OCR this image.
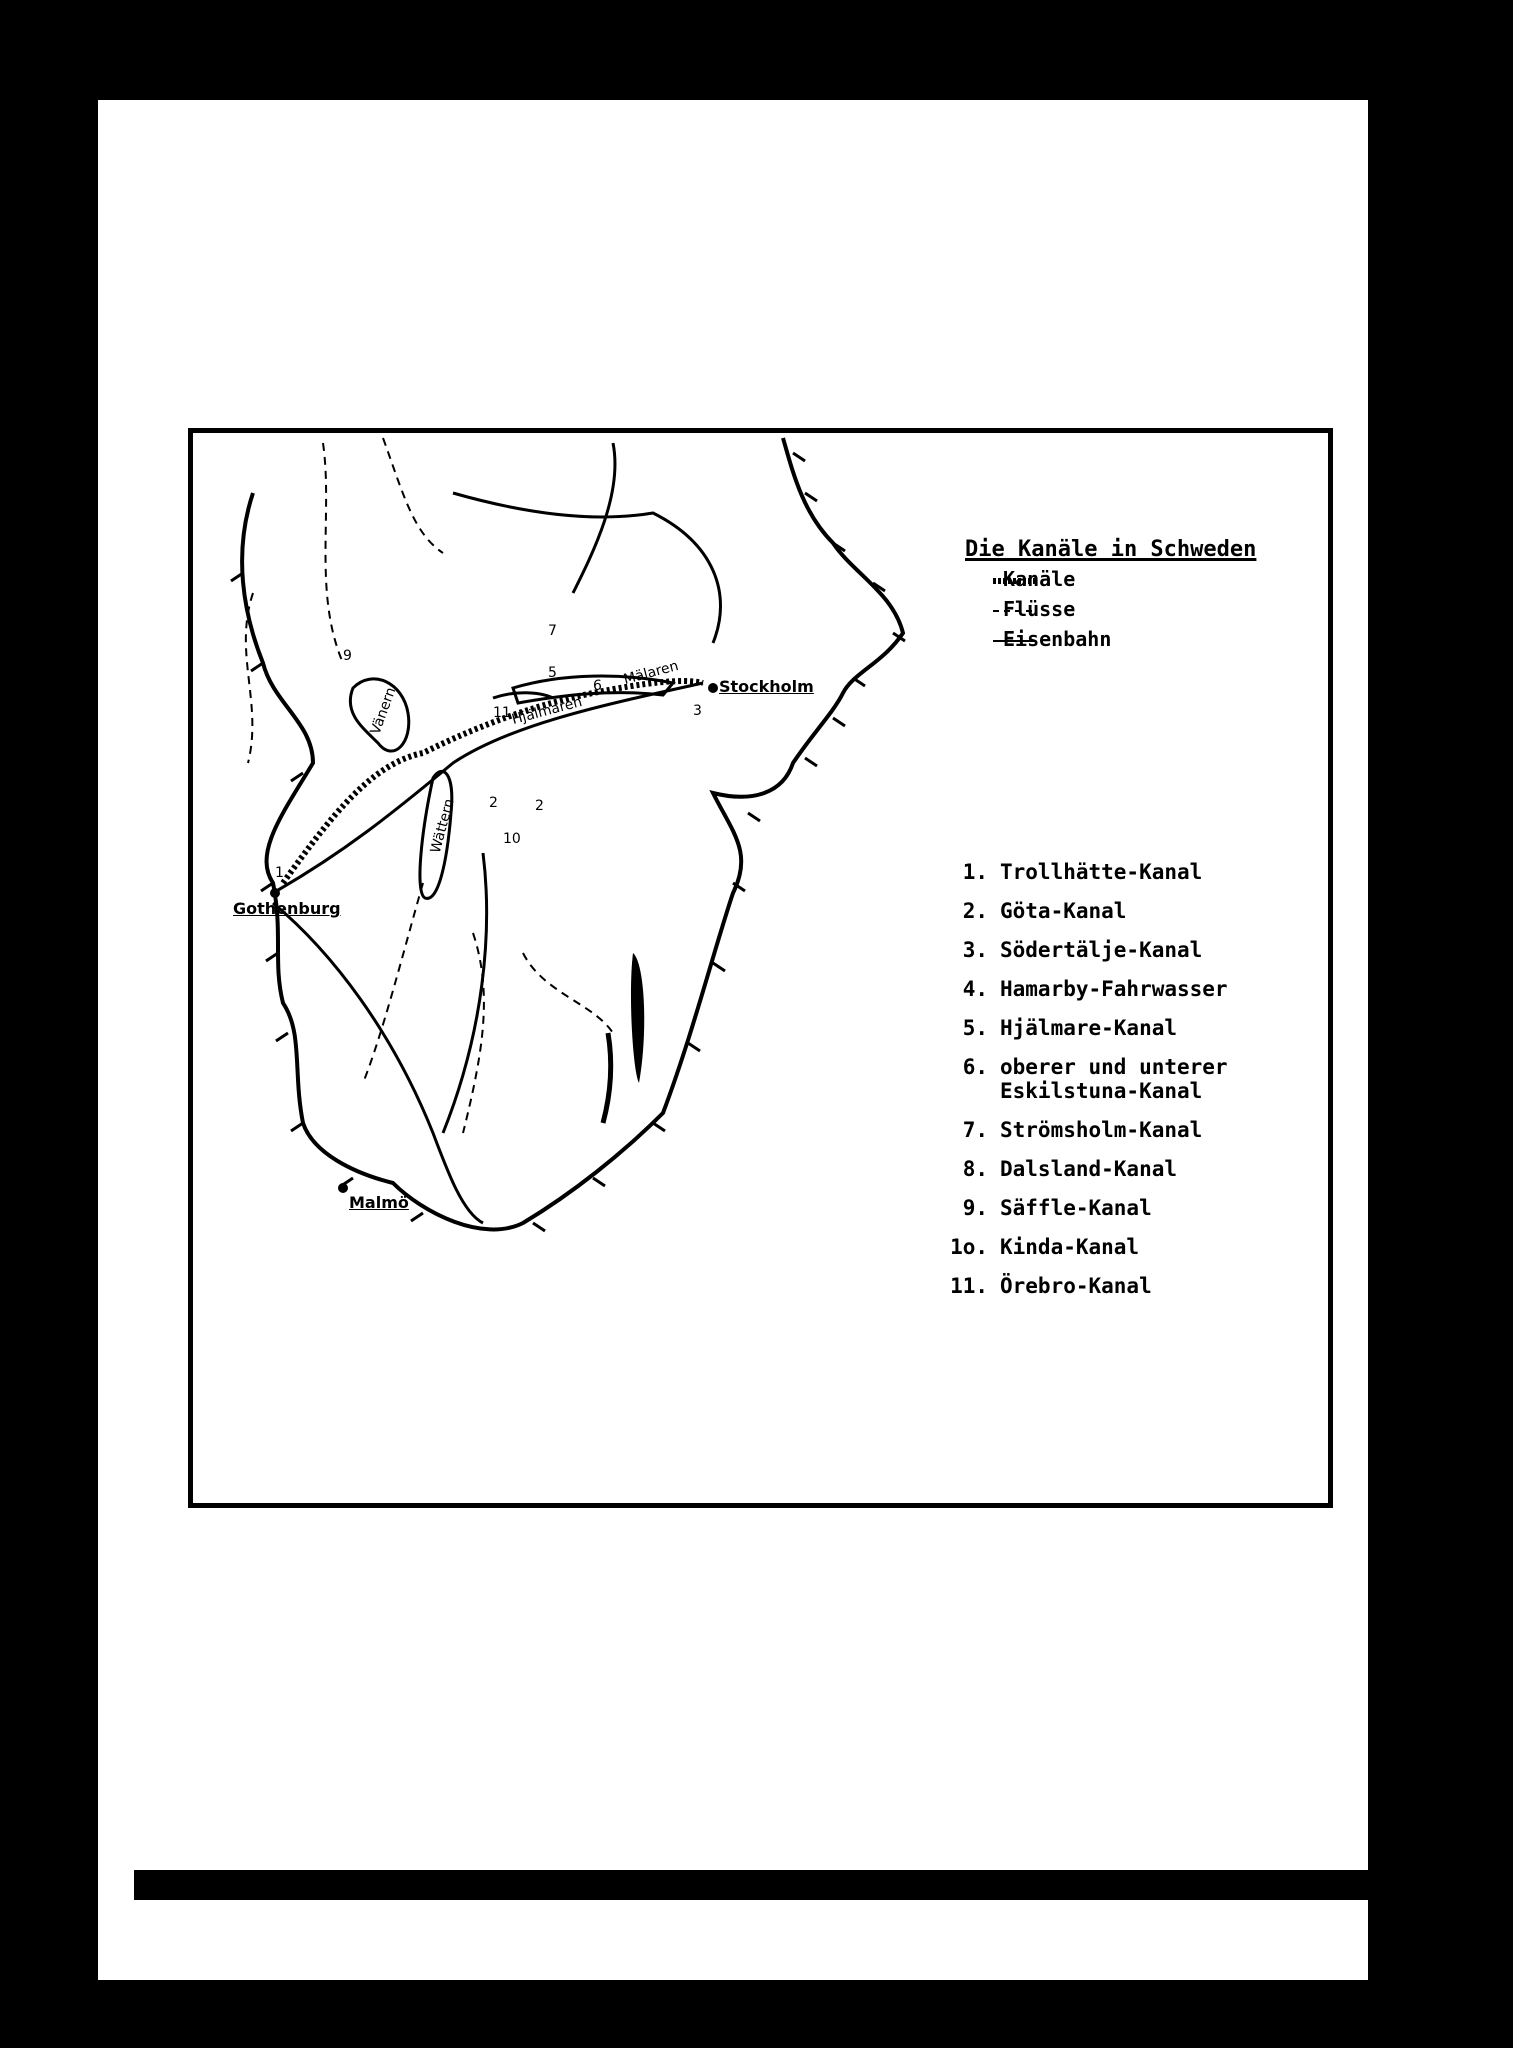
Die Kanäle in Schweden
Kanäle
Flüsse
Eisenbahn
Stockholm
Gothenburg
Malmö
Vänern
Wättern
Hjälmaren
Mälaren
11
5
6
7
3
1
2	2
10
9
1. Trollhätte-Kanal
2. Göta-Kanal
3. Södertälje-Kanal
4. Hamarby-Fahrwasser
5. Hjälmare-Kanal
6. oberer und unterer
Eskilstuna-Kanal
7. Strömsholm-Kanal
8. Dalsland-Kanal
9. Säffle-Kanal
1o. Kinda-Kanal
11. Örebro-Kanal
